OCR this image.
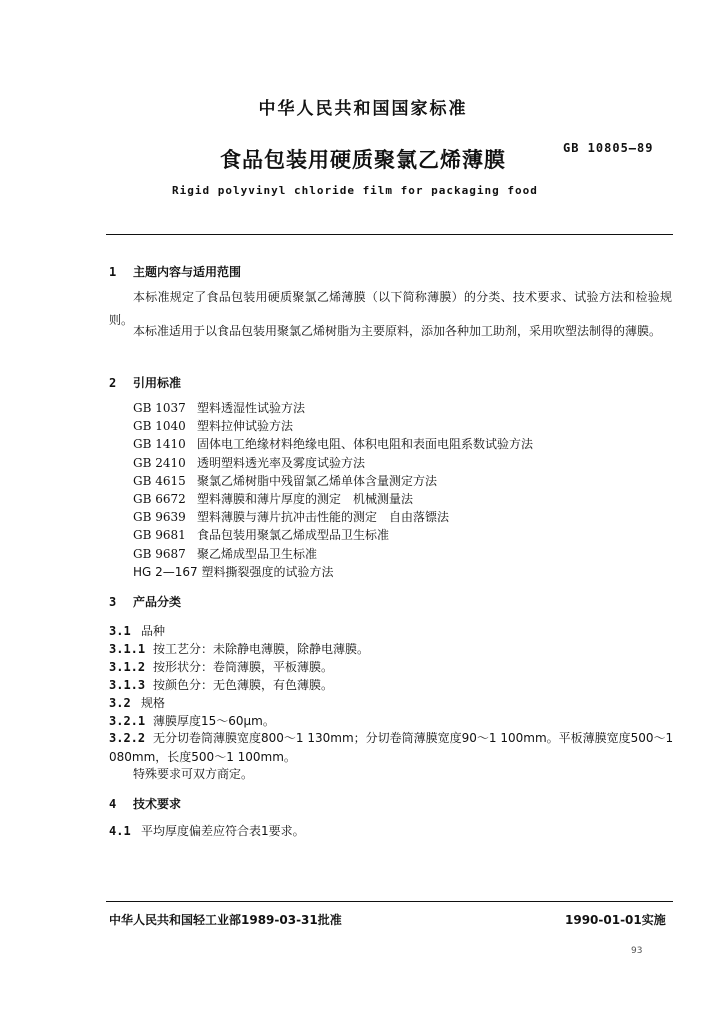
中华人民共和国国家标准
食品包装用硬质聚氯乙烯薄膜	GB 10805—89
Rigid polyvinyl chloride film for packaging food
1 主题内容与适用范围
本标准规定了食品包装用硬质聚氯乙烯薄膜（以下简称薄膜）的分类、技术要求、试验方法和检验规则。
本标准适用于以食品包装用聚氯乙烯树脂为主要原料，添加各种加工助剂，采用吹塑法制得的薄膜。
2 引用标准
GB 1037 塑料透湿性试验方法
GB 1040 塑料拉伸试验方法
GB 1410 固体电工绝缘材料绝缘电阻、体积电阻和表面电阻系数试验方法
GB 2410 透明塑料透光率及雾度试验方法
GB 4615 聚氯乙烯树脂中残留氯乙烯单体含量测定方法
GB 6672 塑料薄膜和薄片厚度的测定　机械测量法
GB 9639 塑料薄膜与薄片抗冲击性能的测定　自由落镖法
GB 9681 食品包装用聚氯乙烯成型品卫生标准
GB 9687 聚乙烯成型品卫生标准
HG 2—167 塑料撕裂强度的试验方法
3 产品分类
3.1 品种
3.1.1 按工艺分：未除静电薄膜，除静电薄膜。
3.1.2 按形状分：卷筒薄膜，平板薄膜。
3.1.3 按颜色分：无色薄膜，有色薄膜。
3.2 规格
3.2.1 薄膜厚度15～60μm。
3.2.2 无分切卷筒薄膜宽度800～1 130mm；分切卷筒薄膜宽度90～1 100mm。平板薄膜宽度500～1 080mm，长度500～1 100mm。
特殊要求可双方商定。
4 技术要求
4.1 平均厚度偏差应符合表1要求。
中华人民共和国轻工业部1989-03-31批准	1990-01-01实施
93
